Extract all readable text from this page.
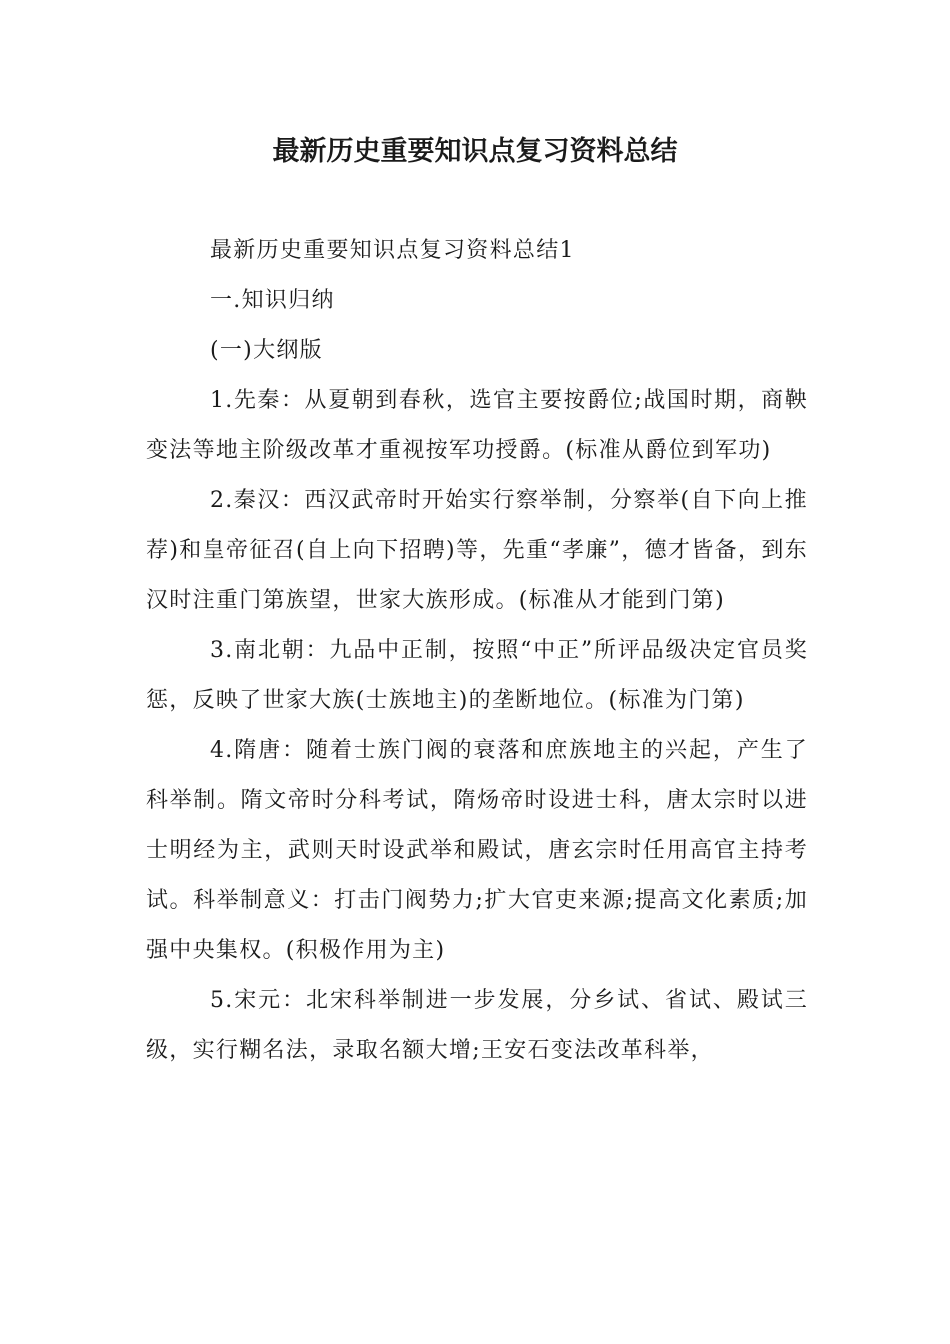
最新历史重要知识点复习资料总结

最新历史重要知识点复习资料总结1

一.知识归纳

(一)大纲版

1.先秦：从夏朝到春秋，选官主要按爵位;战国时期，商鞅变法等地主阶级改革才重视按军功授爵。(标准从爵位到军功)

2.秦汉：西汉武帝时开始实行察举制，分察举(自下向上推荐)和皇帝征召(自上向下招聘)等，先重“孝廉”，德才皆备，到东汉时注重门第族望，世家大族形成。(标准从才能到门第)

3.南北朝：九品中正制，按照“中正”所评品级决定官员奖惩，反映了世家大族(士族地主)的垄断地位。(标准为门第)

4.隋唐：随着士族门阀的衰落和庶族地主的兴起，产生了科举制。隋文帝时分科考试，隋炀帝时设进士科，唐太宗时以进士明经为主，武则天时设武举和殿试，唐玄宗时任用高官主持考试。科举制意义：打击门阀势力;扩大官吏来源;提高文化素质;加强中央集权。(积极作用为主)

5.宋元：北宋科举制进一步发展，分乡试、省试、殿试三级，实行糊名法，录取名额大增;王安石变法改革科举，
